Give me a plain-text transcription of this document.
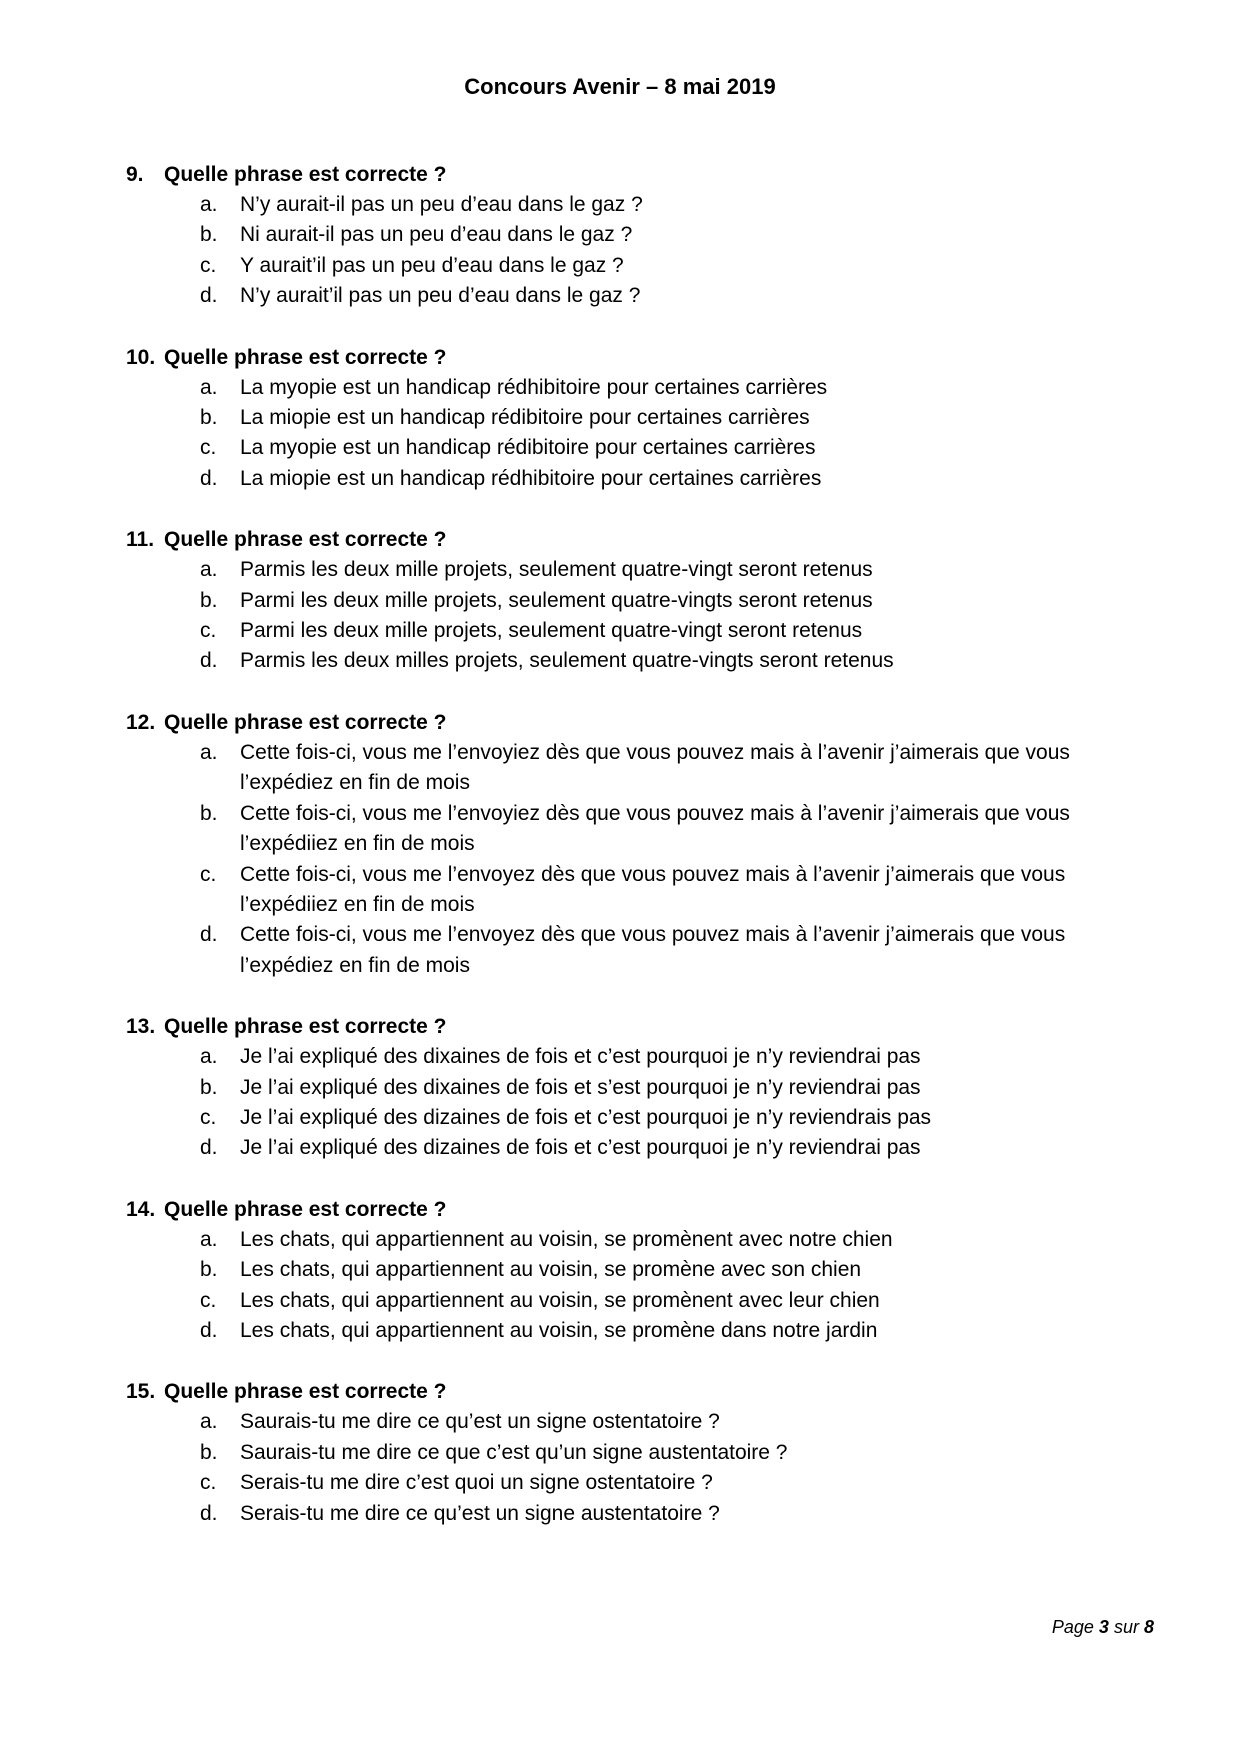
Concours Avenir – 8 mai 2019
9. Quelle phrase est correcte ?
a.	N’y aurait-il pas un peu d’eau dans le gaz ?
b.	Ni aurait-il pas un peu d’eau dans le gaz ?
c.	Y aurait’il pas un peu d’eau dans le gaz ?
d.	N’y aurait’il pas un peu d’eau dans le gaz ?
10. Quelle phrase est correcte ?
a.	La myopie est un handicap rédhibitoire pour certaines carrières
b.	La miopie est un handicap rédibitoire pour certaines carrières
c.	La myopie est un handicap rédibitoire pour certaines carrières
d.	La miopie est un handicap rédhibitoire pour certaines carrières
11. Quelle phrase est correcte ?
a.	Parmis les deux mille projets, seulement quatre-vingt seront retenus
b.	Parmi les deux mille projets, seulement quatre-vingts seront retenus
c.	Parmi les deux mille projets, seulement quatre-vingt seront retenus
d.	Parmis les deux milles projets, seulement quatre-vingts seront retenus
12. Quelle phrase est correcte ?
a.	Cette fois-ci, vous me l’envoyiez dès que vous pouvez mais à l’avenir j’aimerais que vous l’expédiez en fin de mois
b.	Cette fois-ci, vous me l’envoyiez dès que vous pouvez mais à l’avenir j’aimerais que vous l’expédiiez en fin de mois
c.	Cette fois-ci, vous me l’envoyez dès que vous pouvez mais à l’avenir j’aimerais que vous l’expédiiez en fin de mois
d.	Cette fois-ci, vous me l’envoyez dès que vous pouvez mais à l’avenir j’aimerais que vous l’expédiez en fin de mois
13. Quelle phrase est correcte ?
a.	Je l’ai expliqué des dixaines de fois et c’est pourquoi je n’y reviendrai pas
b.	Je l’ai expliqué des dixaines de fois et s’est pourquoi je n’y reviendrai pas
c.	Je l’ai expliqué des dizaines de fois et c’est pourquoi je n’y reviendrais pas
d.	Je l’ai expliqué des dizaines de fois et c’est pourquoi je n’y reviendrai pas
14. Quelle phrase est correcte ?
a.	Les chats, qui appartiennent au voisin, se promènent avec notre chien
b.	Les chats, qui appartiennent au voisin, se promène avec son chien
c.	Les chats, qui appartiennent au voisin, se promènent avec leur chien
d.	Les chats, qui appartiennent au voisin, se promène dans notre jardin
15. Quelle phrase est correcte ?
a.	Saurais-tu me dire ce qu’est un signe ostentatoire ?
b.	Saurais-tu me dire ce que c’est qu’un signe austentatoire ?
c.	Serais-tu me dire c’est quoi un signe ostentatoire ?
d.	Serais-tu me dire ce qu’est un signe austentatoire ?
Page 3 sur 8
